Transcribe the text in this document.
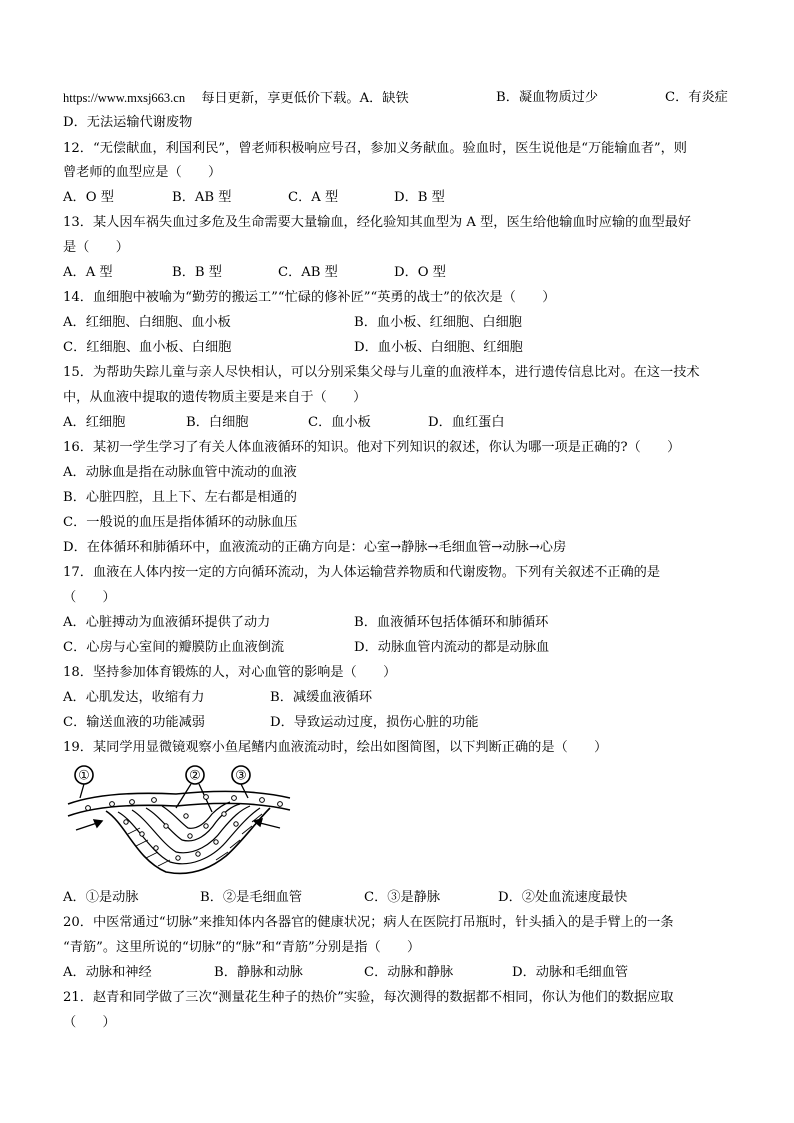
https://www.mxsj663.cn 每日更新，享更低价下载。A．缺铁	B．凝血物质过少	C．有炎症
D．无法运输代谢废物
12．“无偿献血，利国利民”，曾老师积极响应号召，参加义务献血。验血时，医生说他是“万能输血者”，则
曾老师的血型应是（　　）
A．O 型	B．AB 型	C．A 型	D．B 型
13．某人因车祸失血过多危及生命需要大量输血，经化验知其血型为 A 型，医生给他输血时应输的血型最好
是（　　）
A．A 型	B．B 型	C．AB 型	D．O 型
14．血细胞中被喻为“勤劳的搬运工”“忙碌的修补匠”“英勇的战士”的依次是（　　）
A．红细胞、白细胞、血小板	B．血小板、红细胞、白细胞
C．红细胞、血小板、白细胞	D．血小板、白细胞、红细胞
15．为帮助失踪儿童与亲人尽快相认，可以分别采集父母与儿童的血液样本，进行遗传信息比对。在这一技术
中，从血液中提取的遗传物质主要是来自于（　　）
A．红细胞	B．白细胞	C．血小板	D．血红蛋白
16．某初一学生学习了有关人体血液循环的知识。他对下列知识的叙述，你认为哪一项是正确的?（　　）
A．动脉血是指在动脉血管中流动的血液
B．心脏四腔，且上下、左右都是相通的
C．一般说的血压是指体循环的动脉血压
D．在体循环和肺循环中，血液流动的正确方向是：心室→静脉→毛细血管→动脉→心房
17．血液在人体内按一定的方向循环流动，为人体运输营养物质和代谢废物。下列有关叙述不正确的是
（　　）
A．心脏搏动为血液循环提供了动力	B．血液循环包括体循环和肺循环
C．心房与心室间的瓣膜防止血液倒流	D．动脉血管内流动的都是动脉血
18．坚持参加体育锻炼的人，对心血管的影响是（　　）
A．心肌发达，收缩有力	B．减缓血液循环
C．输送血液的功能减弱	D．导致运动过度，损伤心脏的功能
19．某同学用显微镜观察小鱼尾鳍内血液流动时，绘出如图简图，以下判断正确的是（　　）
①	②	③
A．①是动脉	B．②是毛细血管	C．③是静脉	D．②处血流速度最快
20．中医常通过“切脉”来推知体内各器官的健康状况；病人在医院打吊瓶时，针头插入的是手臂上的一条
“青筋”。这里所说的“切脉”的“脉”和“青筋”分别是指（　　）
A．动脉和神经	B．静脉和动脉	C．动脉和静脉	D．动脉和毛细血管
21．赵青和同学做了三次“测量花生种子的热价”实验，每次测得的数据都不相同，你认为他们的数据应取
（　　）
